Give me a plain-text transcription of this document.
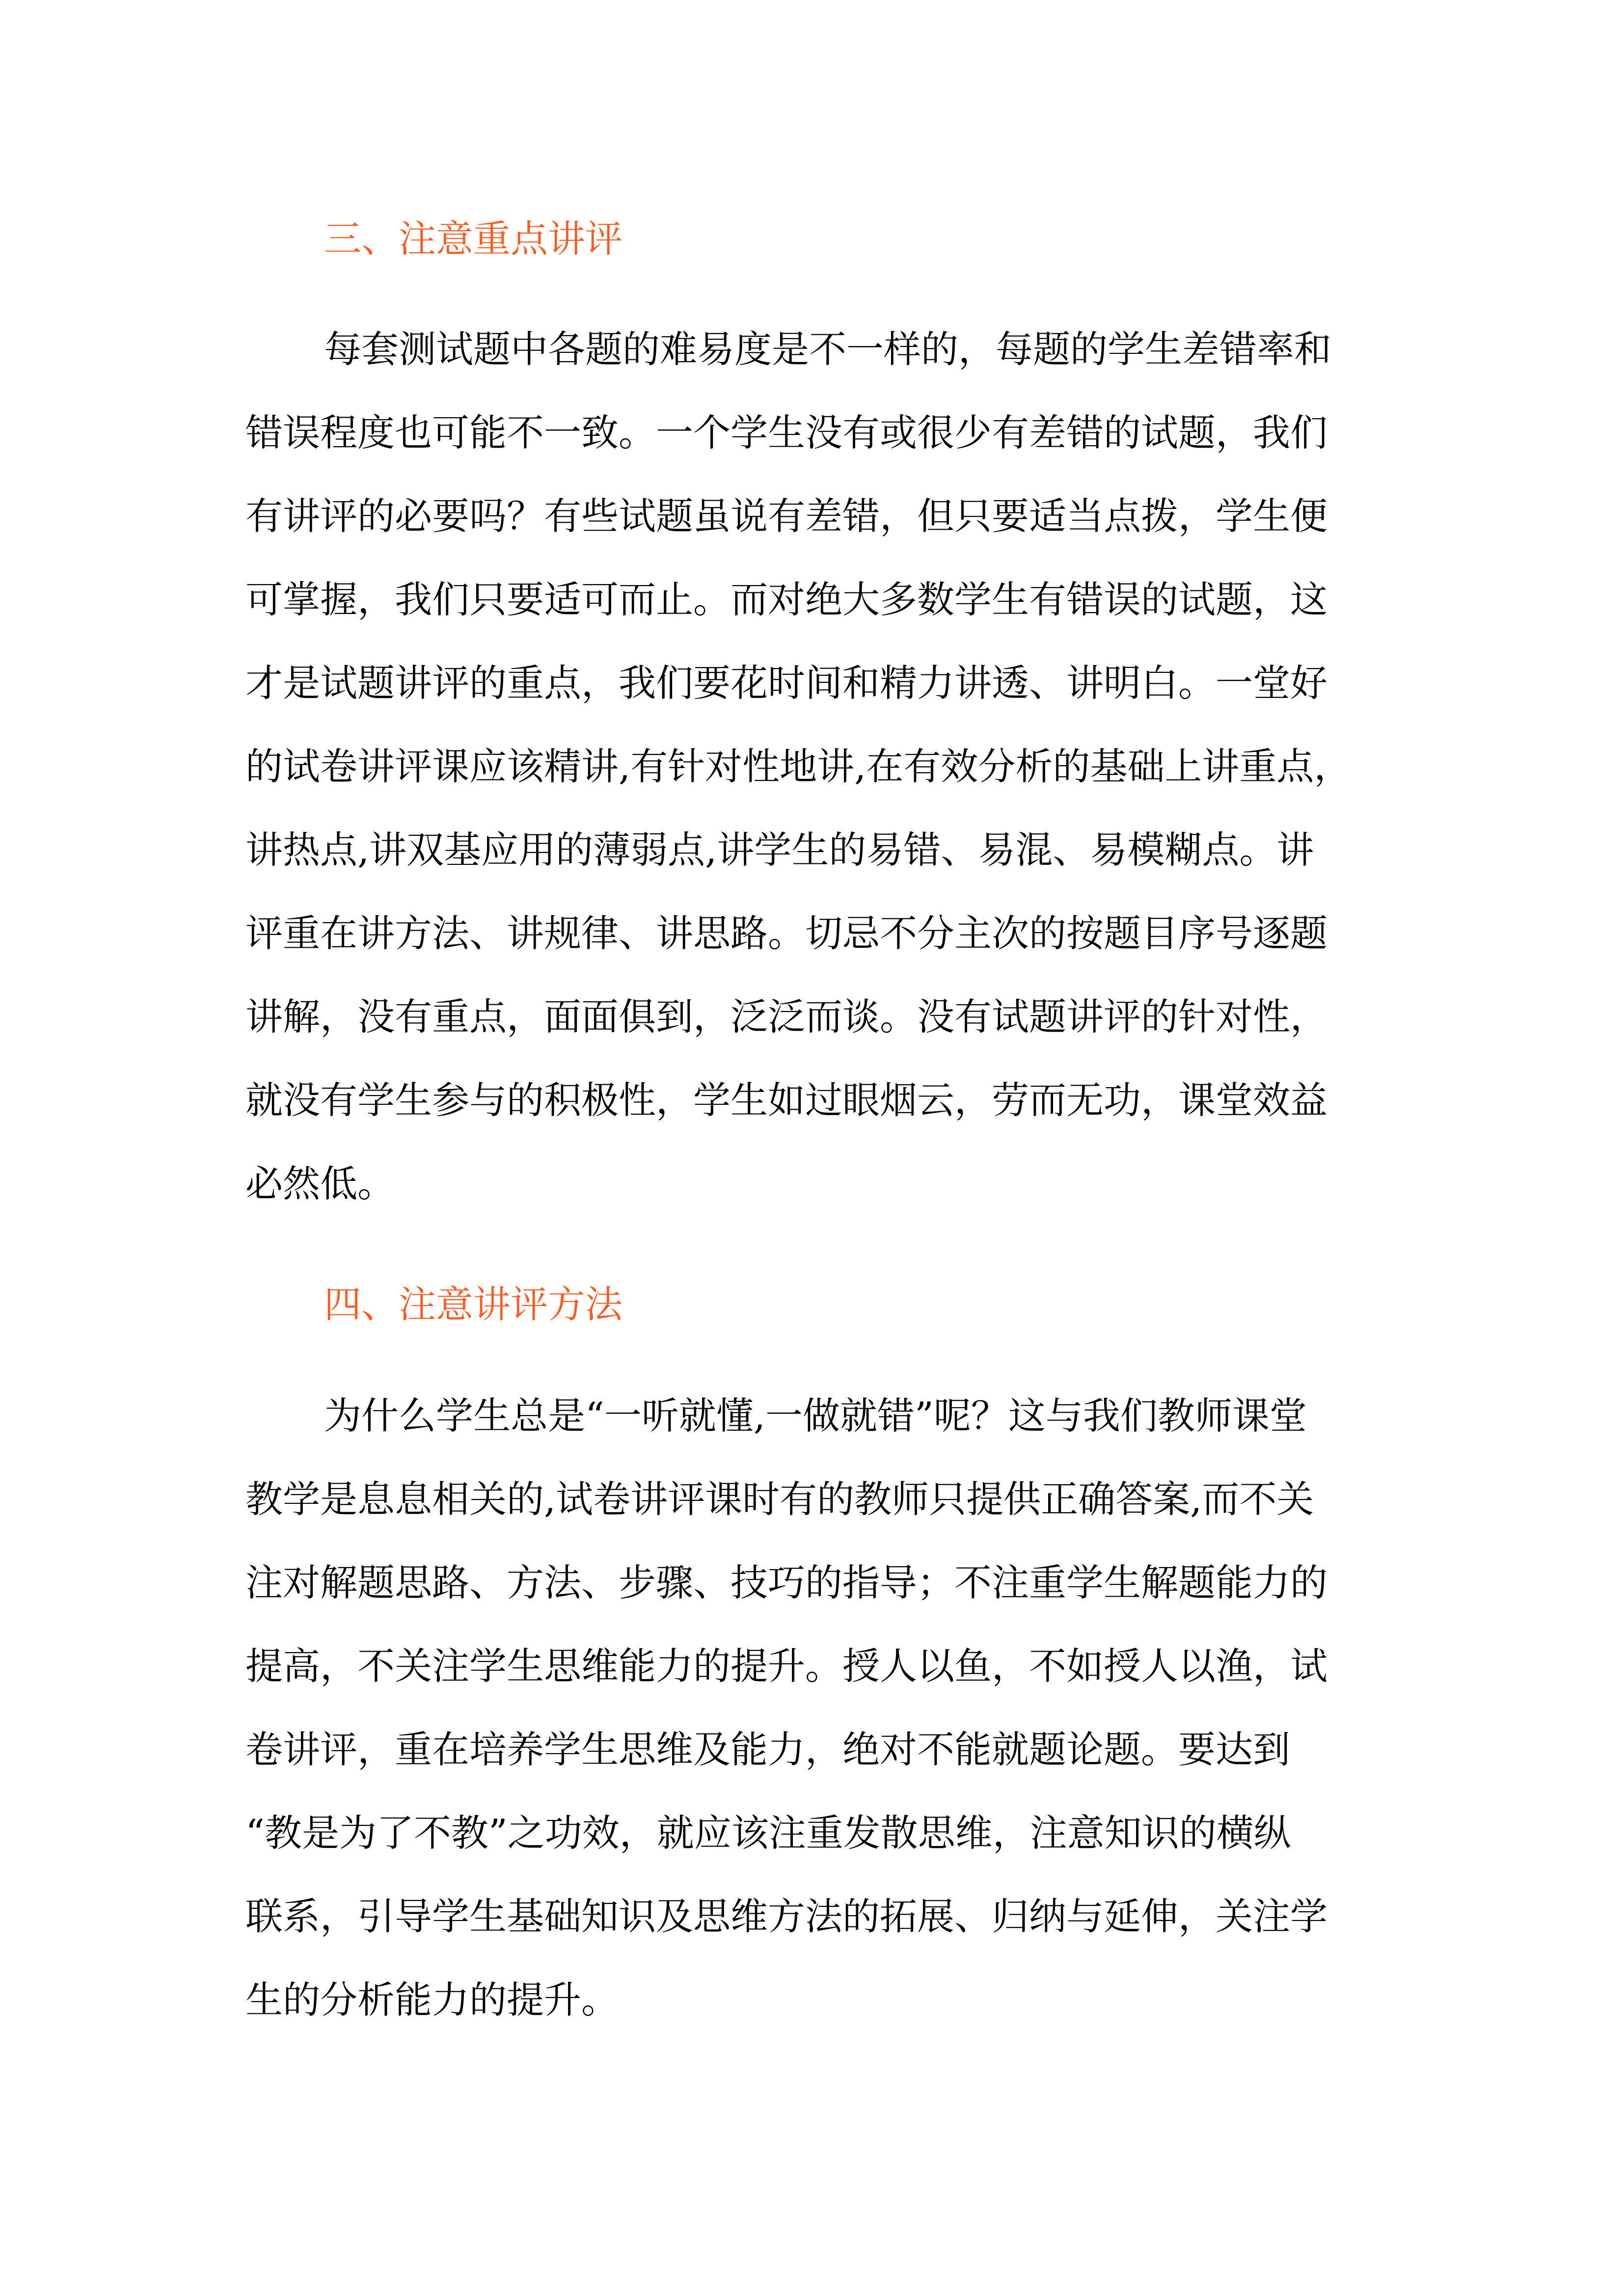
三、注意重点讲评

每套测试题中各题的难易度是不一样的，每题的学生差错率和

错误程度也可能不一致。一个学生没有或很少有差错的试题，我们

有讲评的必要吗？有些试题虽说有差错，但只要适当点拨，学生便

可掌握，我们只要适可而止。而对绝大多数学生有错误的试题，这

才是试题讲评的重点，我们要花时间和精力讲透、讲明白。一堂好

的试卷讲评课应该精讲,有针对性地讲,在有效分析的基础上讲重点，

讲热点,讲双基应用的薄弱点,讲学生的易错、易混、易模糊点。讲

评重在讲方法、讲规律、讲思路。切忌不分主次的按题目序号逐题

讲解，没有重点，面面俱到，泛泛而谈。没有试题讲评的针对性，

就没有学生参与的积极性，学生如过眼烟云，劳而无功，课堂效益

必然低。

四、注意讲评方法

为什么学生总是“一听就懂,一做就错”呢？这与我们教师课堂

教学是息息相关的,试卷讲评课时有的教师只提供正确答案,而不关

注对解题思路、方法、步骤、技巧的指导；不注重学生解题能力的

提高，不关注学生思维能力的提升。授人以鱼，不如授人以渔，试

卷讲评，重在培养学生思维及能力，绝对不能就题论题。要达到

“教是为了不教”之功效，就应该注重发散思维，注意知识的横纵

联系，引导学生基础知识及思维方法的拓展、归纳与延伸，关注学

生的分析能力的提升。
